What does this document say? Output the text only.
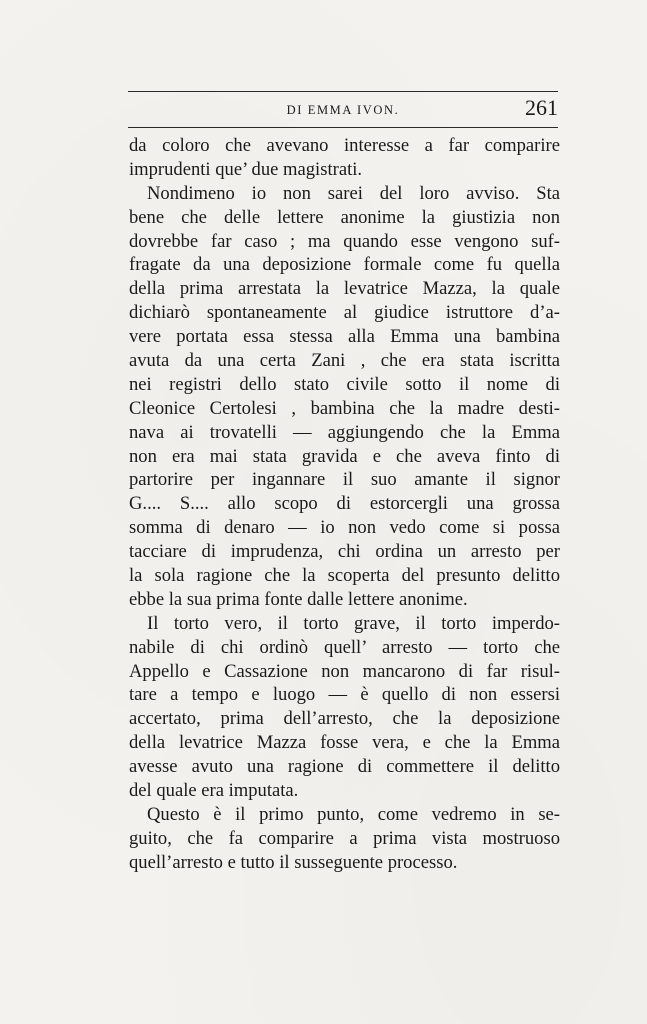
DI EMMA IVON.	261
da coloro che avevano interesse a far comparire
imprudenti que’ due magistrati.
Nondimeno io non sarei del loro avviso. Sta
bene che delle lettere anonime la giustizia non
dovrebbe far caso ; ma quando esse vengono suf-
fragate da una deposizione formale come fu quella
della prima arrestata la levatrice Mazza, la quale
dichiarò spontaneamente al giudice istruttore d’a-
vere portata essa stessa alla Emma una bambina
avuta da una certa Zani , che era stata iscritta
nei registri dello stato civile sotto il nome di
Cleonice Certolesi , bambina che la madre desti-
nava ai trovatelli — aggiungendo che la Emma
non era mai stata gravida e che aveva finto di
partorire per ingannare il suo amante il signor
G.... S.... allo scopo di estorcergli una grossa
somma di denaro — io non vedo come si possa
tacciare di imprudenza, chi ordina un arresto per
la sola ragione che la scoperta del presunto delitto
ebbe la sua prima fonte dalle lettere anonime.
Il torto vero, il torto grave, il torto imperdo-
nabile di chi ordinò quell’ arresto — torto che
Appello e Cassazione non mancarono di far risul-
tare a tempo e luogo — è quello di non essersi
accertato, prima dell’arresto, che la deposizione
della levatrice Mazza fosse vera, e che la Emma
avesse avuto una ragione di commettere il delitto
del quale era imputata.
Questo è il primo punto, come vedremo in se-
guito, che fa comparire a prima vista mostruoso
quell’arresto e tutto il susseguente processo.
